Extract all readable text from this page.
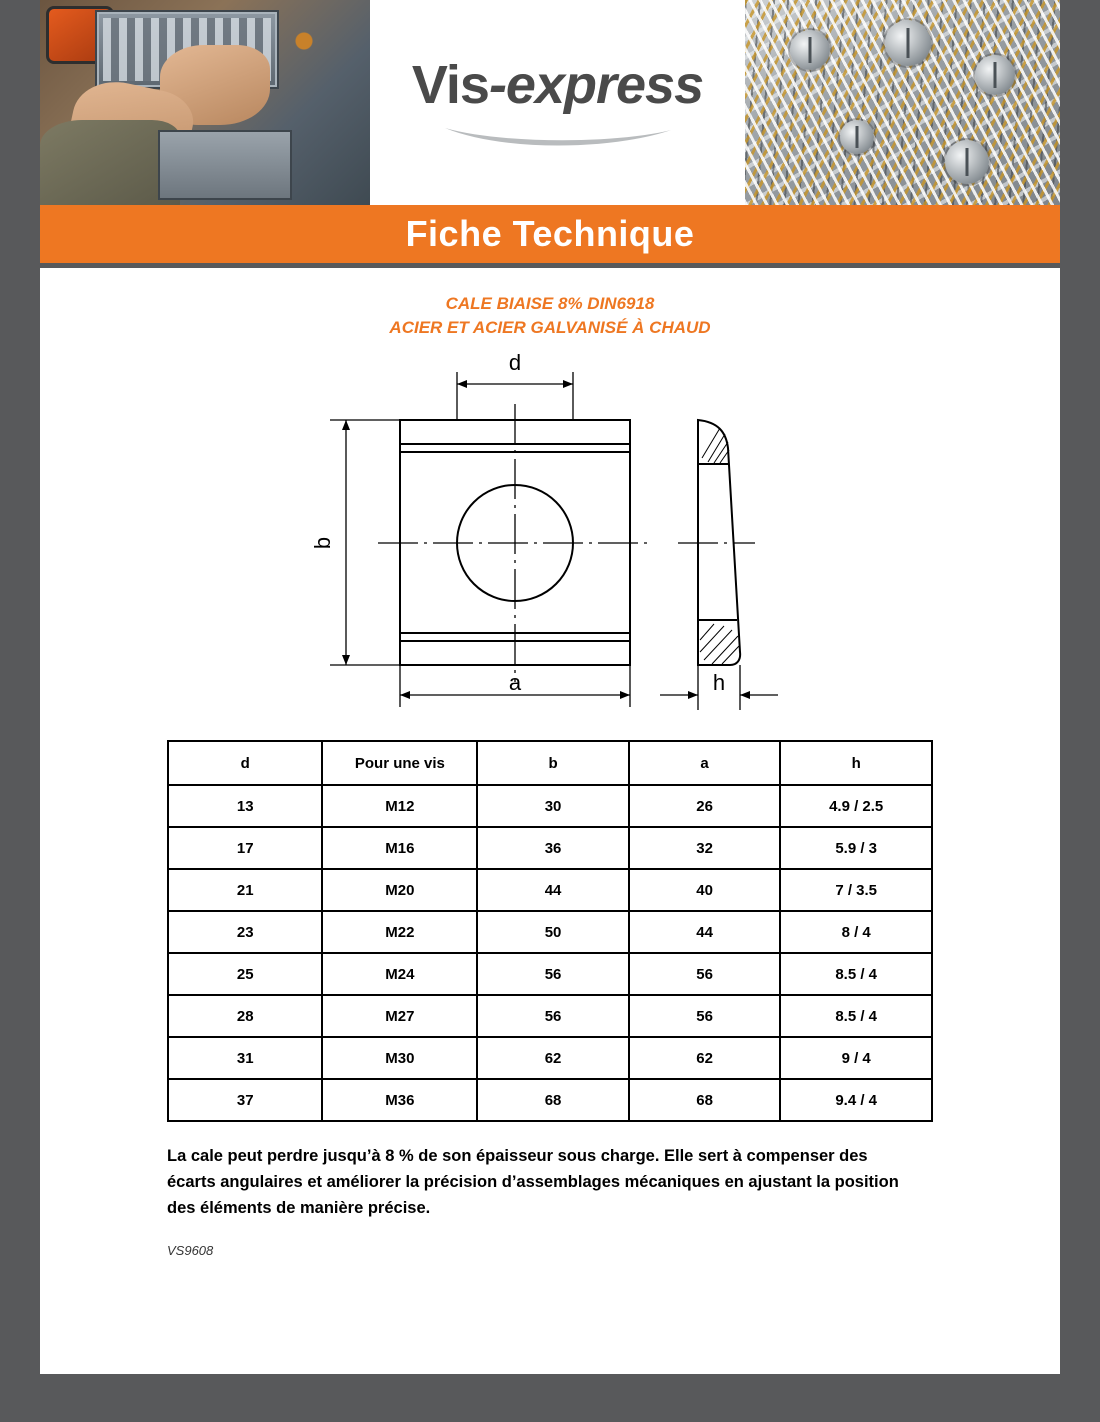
Vis-express
Fiche Technique
CALE BIAISE 8% DIN6918
ACIER ET ACIER GALVANISÉ À CHAUD
d
b
a	h
d	Pour une vis	b	a	h
13	M12	30	26	4.9 / 2.5
17	M16	36	32	5.9 / 3
21	M20	44	40	7 / 3.5
23	M22	50	44	8 / 4
25	M24	56	56	8.5 / 4
28	M27	56	56	8.5 / 4
31	M30	62	62	9 / 4
37	M36	68	68	9.4 / 4
La cale peut perdre jusqu’à 8 % de son épaisseur sous charge. Elle sert à compenser des écarts angulaires et améliorer la précision d’assemblages mécaniques en ajustant la position des éléments de manière précise.
VS9608
